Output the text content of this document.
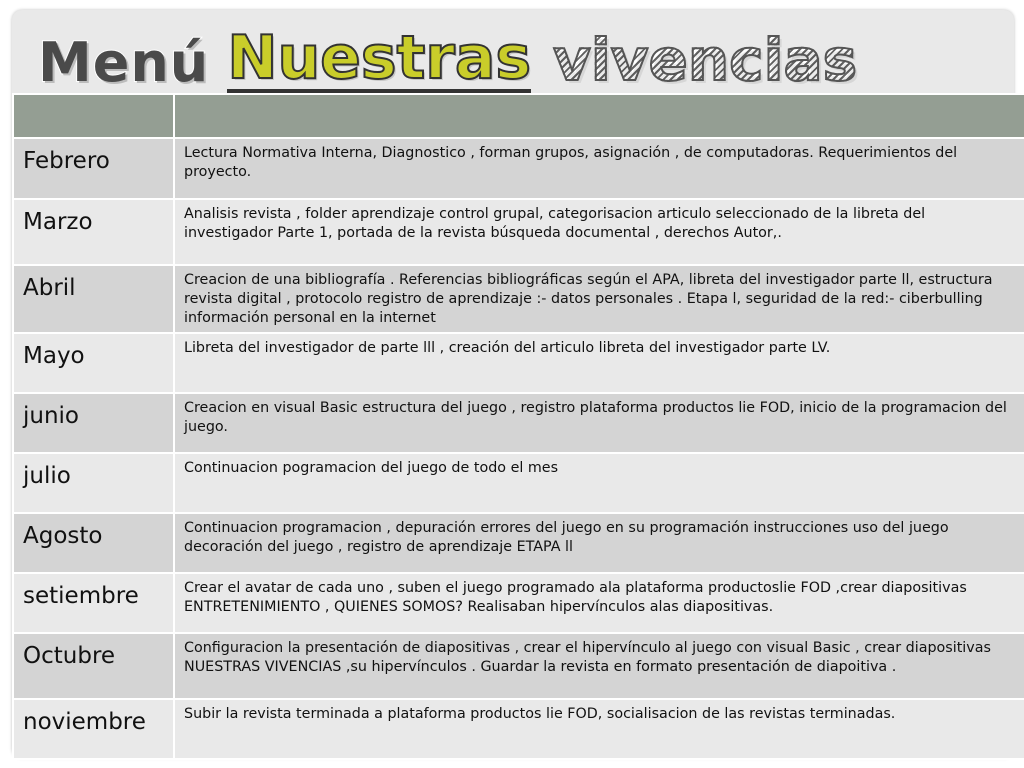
Menú Nuestras vivencias

Febrero	Lectura Normativa Interna, Diagnostico , forman grupos, asignación , de computadoras. Requerimientos del proyecto.
Marzo	Analisis revista , folder aprendizaje control grupal, categorisacion articulo seleccionado de la libreta del investigador Parte 1, portada de la revista búsqueda documental , derechos Autor,.
Abril	Creacion de una bibliografía . Referencias bibliográficas según el APA, libreta del investigador parte ll, estructura revista digital , protocolo registro de aprendizaje :- datos personales . Etapa l, seguridad de la red:- ciberbulling información personal en la internet
Mayo	Libreta del investigador de parte lll , creación del articulo libreta del investigador parte LV.
junio	Creacion en visual Basic estructura del juego , registro plataforma productos lie FOD, inicio de la programacion del juego.
julio	Continuacion pogramacion del juego de todo el mes
Agosto	Continuacion programacion , depuración errores del juego en su programación instrucciones uso del juego decoración del juego , registro de aprendizaje ETAPA ll
setiembre	Crear el avatar de cada uno , suben el juego programado ala plataforma productoslie FOD ,crear diapositivas ENTRETENIMIENTO , QUIENES SOMOS? Realisaban hipervínculos alas diapositivas.
Octubre	Configuracion la presentación de diapositivas , crear el hipervínculo al juego con visual Basic , crear diapositivas NUESTRAS VIVENCIAS ,su hipervínculos . Guardar la revista en formato presentación de diapoitiva .
noviembre	Subir la revista terminada a plataforma productos lie FOD, socialisacion de las revistas terminadas.
